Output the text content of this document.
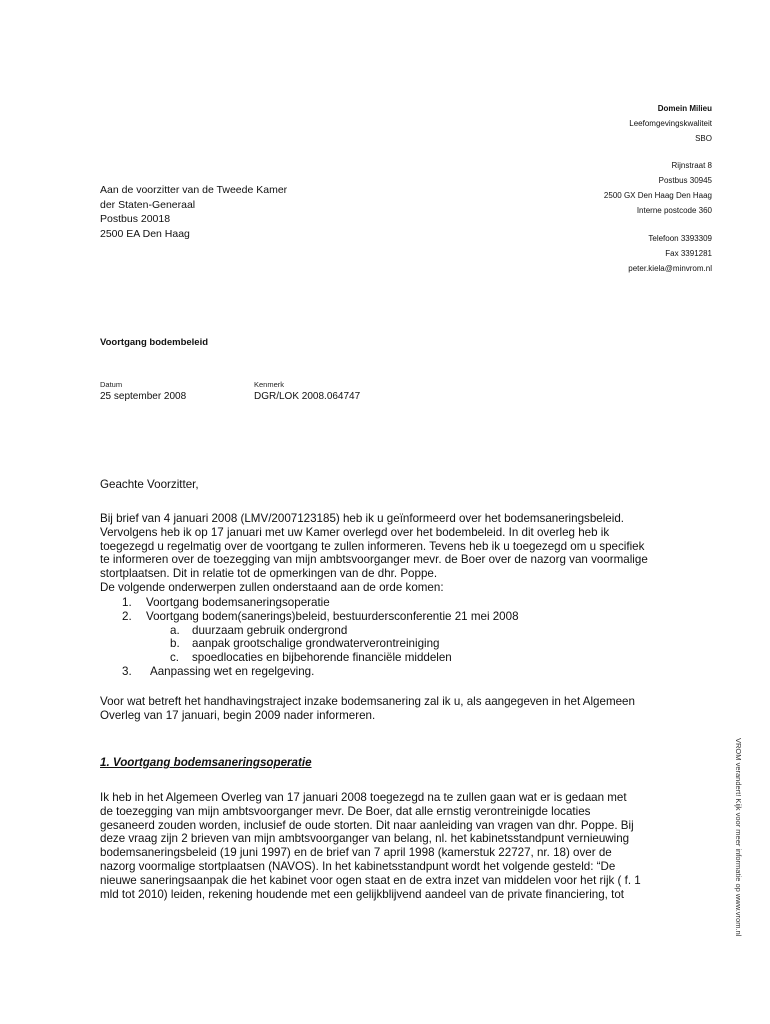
Domein Milieu
Leefomgevingskwaliteit
SBO
Rijnstraat 8
Postbus 30945
2500 GX Den Haag Den Haag
Interne postcode 360
Telefoon 3393309
Fax 3391281
peter.kiela@minvrom.nl
Aan de voorzitter van de Tweede Kamer
der Staten-Generaal
Postbus 20018
2500 EA Den Haag
Voortgang bodembeleid
Datum
25 september 2008
Kenmerk
DGR/LOK 2008.064747
Geachte Voorzitter,
Bij brief van 4 januari 2008 (LMV/2007123185) heb ik u geïnformeerd over het bodemsaneringsbeleid.
Vervolgens heb ik op 17 januari met uw Kamer overlegd over het bodembeleid. In dit overleg heb ik
toegezegd u regelmatig over de voortgang te zullen informeren. Tevens heb ik u toegezegd om u specifiek
te informeren over de toezegging van mijn ambtsvoorganger mevr. de Boer over de nazorg van voormalige
stortplaatsen. Dit in relatie tot de opmerkingen van de dhr. Poppe.
De volgende onderwerpen zullen onderstaand aan de orde komen:
1. Voortgang bodemsaneringsoperatie
2. Voortgang bodem(sanerings)beleid, bestuurdersconferentie 21 mei 2008
a. duurzaam gebruik ondergrond
b. aanpak grootschalige grondwaterverontreiniging
c. spoedlocaties en bijbehorende financiële middelen
3. Aanpassing wet en regelgeving.
Voor wat betreft het handhavingstraject inzake bodemsanering zal ik u, als aangegeven in het Algemeen
Overleg van 17 januari, begin 2009 nader informeren.
1. Voortgang bodemsaneringsoperatie
Ik heb in het Algemeen Overleg van 17 januari 2008 toegezegd na te zullen gaan wat er is gedaan met
de toezegging van mijn ambtsvoorganger mevr. De Boer, dat alle ernstig verontreinigde locaties
gesaneerd zouden worden, inclusief de oude storten. Dit naar aanleiding van vragen van dhr. Poppe. Bij
deze vraag zijn 2 brieven van mijn ambtsvoorganger van belang, nl. het kabinetsstandpunt vernieuwing
bodemsaneringsbeleid (19 juni 1997) en de brief van 7 april 1998 (kamerstuk 22727, nr. 18) over de
nazorg voormalige stortplaatsen (NAVOS). In het kabinetsstandpunt wordt het volgende gesteld: “De
nieuwe saneringsaanpak die het kabinet voor ogen staat en de extra inzet van middelen voor het rijk ( f. 1
mld tot 2010) leiden, rekening houdende met een gelijkblijvend aandeel van de private financiering, tot	VROM verandert! Kijk voor meer informatie op www.vrom.nl
